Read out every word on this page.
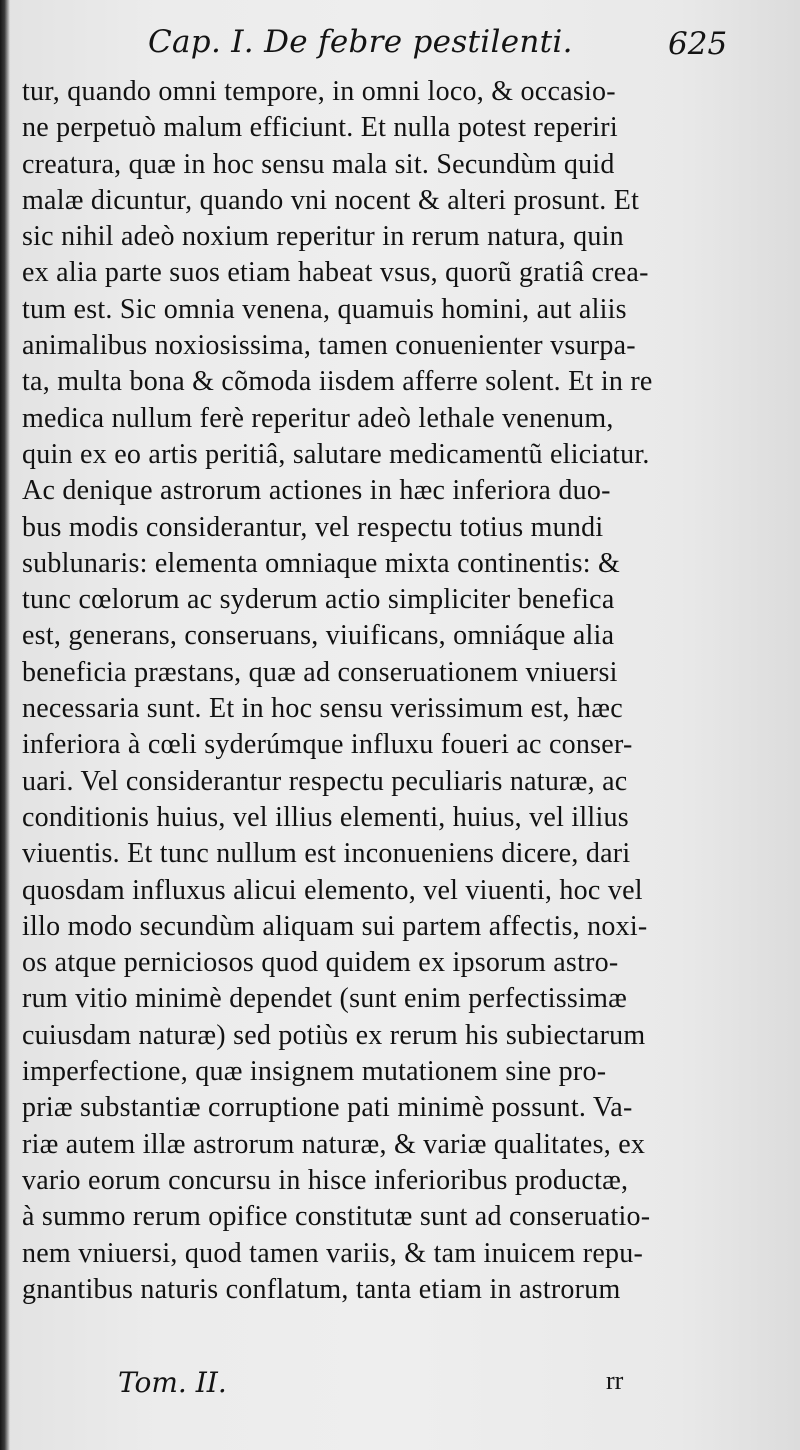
Cap. I. De febre pestilenti.	625
tur, quando omni tempore, in omni loco, & occasio-
ne perpetuò malum efficiunt. Et nulla potest reperiri
creatura, quæ in hoc sensu mala sit. Secundùm quid
malæ dicuntur, quando vni nocent & alteri prosunt. Et
sic nihil adeò noxium reperitur in rerum natura, quin
ex alia parte suos etiam habeat vsus, quorũ gratiâ crea-
tum est. Sic omnia venena, quamuis homini, aut aliis
animalibus noxiosissima, tamen conuenienter vsurpa-
ta, multa bona & cõmoda iisdem afferre solent. Et in re
medica nullum ferè reperitur adeò lethale venenum,
quin ex eo artis peritiâ, salutare medicamentũ eliciatur.
Ac denique astrorum actiones in hæc inferiora duo-
bus modis considerantur, vel respectu totius mundi
sublunaris: elementa omniaque mixta continentis: &
tunc cœlorum ac syderum actio simpliciter benefica
est, generans, conseruans, viuificans, omniáque alia
beneficia præstans, quæ ad conseruationem vniuersi
necessaria sunt. Et in hoc sensu verissimum est, hæc
inferiora à cœli syderúmque influxu foueri ac conser-
uari. Vel considerantur respectu peculiaris naturæ, ac
conditionis huius, vel illius elementi, huius, vel illius
viuentis. Et tunc nullum est inconueniens dicere, dari
quosdam influxus alicui elemento, vel viuenti, hoc vel
illo modo secundùm aliquam sui partem affectis, noxi-
os atque perniciosos quod quidem ex ipsorum astro-
rum vitio minimè dependet (sunt enim perfectissimæ
cuiusdam naturæ) sed potiùs ex rerum his subiectarum
imperfectione, quæ insignem mutationem sine pro-
priæ substantiæ corruptione pati minimè possunt. Va-
riæ autem illæ astrorum naturæ, & variæ qualitates, ex
vario eorum concursu in hisce inferioribus productæ,
à summo rerum opifice constitutæ sunt ad conseruatio-
nem vniuersi, quod tamen variis, & tam inuicem repu-
gnantibus naturis conflatum, tanta etiam in astrorum
Tom. II.	rr
